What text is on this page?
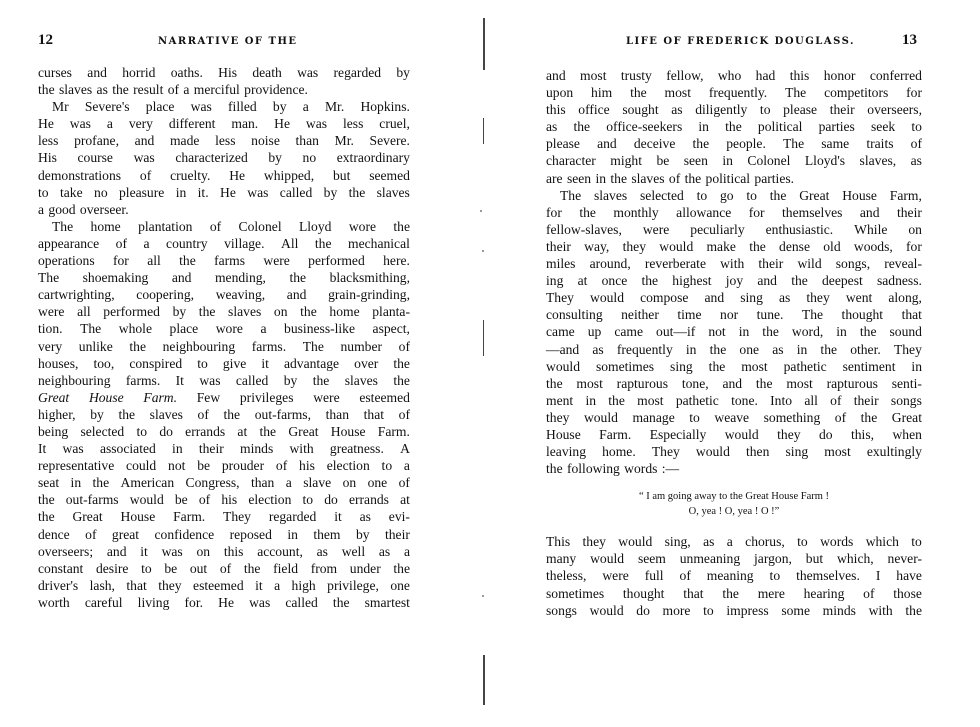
12	NARRATIVE OF THE
curses and horrid oaths. His death was regarded by
the slaves as the result of a merciful providence.
Mr Severe's place was filled by a Mr. Hopkins.
He was a very different man. He was less cruel,
less profane, and made less noise than Mr. Severe.
His course was characterized by no extraordinary
demonstrations of cruelty. He whipped, but seemed
to take no pleasure in it. He was called by the slaves
a good overseer.
The home plantation of Colonel Lloyd wore the
appearance of a country village. All the mechanical
operations for all the farms were performed here.
The shoemaking and mending, the blacksmithing,
cartwrighting, coopering, weaving, and grain-grinding,
were all performed by the slaves on the home planta-
tion. The whole place wore a business-like aspect,
very unlike the neighbouring farms. The number of
houses, too, conspired to give it advantage over the
neighbouring farms. It was called by the slaves the
Great House Farm. Few privileges were esteemed
higher, by the slaves of the out-farms, than that of
being selected to do errands at the Great House Farm.
It was associated in their minds with greatness. A
representative could not be prouder of his election to a
seat in the American Congress, than a slave on one of
the out-farms would be of his election to do errands at
the Great House Farm. They regarded it as evi-
dence of great confidence reposed in them by their
overseers; and it was on this account, as well as a
constant desire to be out of the field from under the
driver's lash, that they esteemed it a high privilege, one
worth careful living for. He was called the smartest
LIFE OF FREDERICK DOUGLASS.	13
and most trusty fellow, who had this honor conferred
upon him the most frequently. The competitors for
this office sought as diligently to please their overseers,
as the office-seekers in the political parties seek to
please and deceive the people. The same traits of
character might be seen in Colonel Lloyd's slaves, as
are seen in the slaves of the political parties.
The slaves selected to go to the Great House Farm,
for the monthly allowance for themselves and their
fellow-slaves, were peculiarly enthusiastic. While on
their way, they would make the dense old woods, for
miles around, reverberate with their wild songs, reveal-
ing at once the highest joy and the deepest sadness.
They would compose and sing as they went along,
consulting neither time nor tune. The thought that
came up came out—if not in the word, in the sound
—and as frequently in the one as in the other. They
would sometimes sing the most pathetic sentiment in
the most rapturous tone, and the most rapturous senti-
ment in the most pathetic tone. Into all of their songs
they would manage to weave something of the Great
House Farm. Especially would they do this, when
leaving home. They would then sing most exultingly
the following words :—
“ I am going away to the Great House Farm !
O, yea ! O, yea ! O !”
This they would sing, as a chorus, to words which to
many would seem unmeaning jargon, but which, never-
theless, were full of meaning to themselves. I have
sometimes thought that the mere hearing of those
songs would do more to impress some minds with the
